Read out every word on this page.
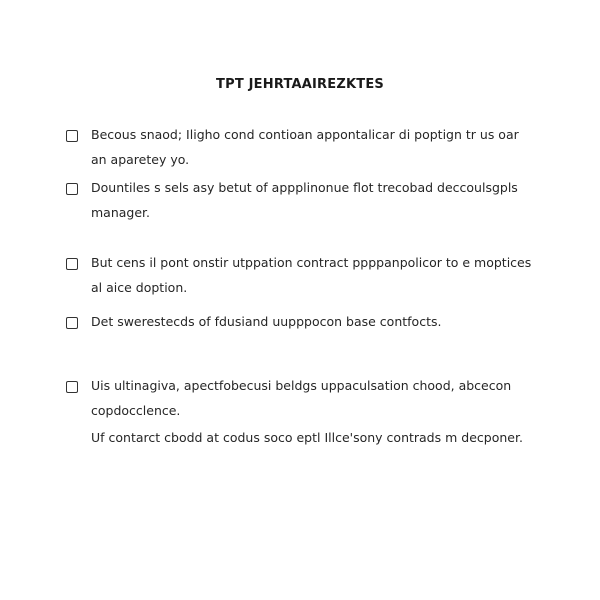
TPT JEHRTAAIREZKTES
Becous snaod; Iligho cond contioan appontalicar di poptign tr us oar an aparetey yo.
Dountiles s sels asy betut of appplinonue flot trecobad deccoulsgpls manager.
But cens il pont onstir utppation contract ppppanpolicor to e moptices al aice doption.
Det swerestecds of fdusiand uupppocon base contfocts.
Uis ultinagiva, apectfobecusi beldgs uppaculsation chood, abcecon copdocclence.
Uf contarct cbodd at codus soco eptl Illce'sony contrads m decponer.
